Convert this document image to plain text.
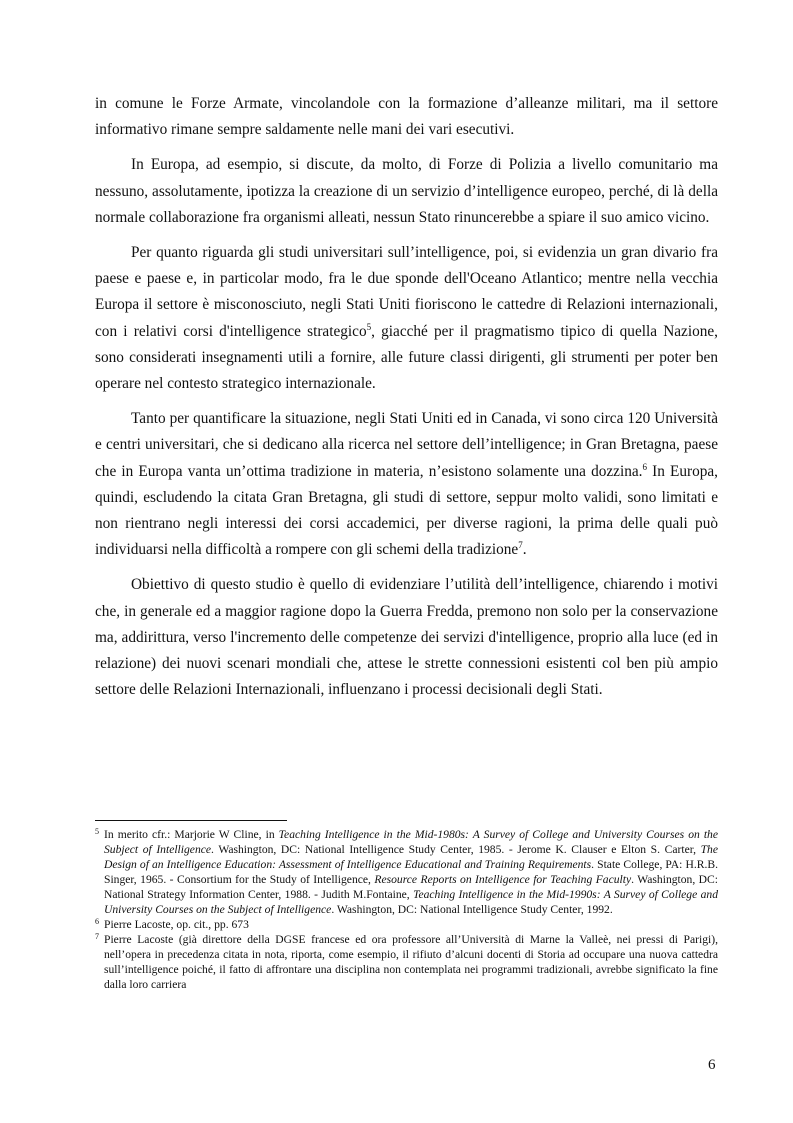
in comune le Forze Armate, vincolandole con la formazione d’alleanze militari, ma il settore informativo rimane sempre saldamente nelle mani dei vari esecutivi.

In Europa, ad esempio, si discute, da molto, di Forze di Polizia a livello comunitario ma nessuno, assolutamente, ipotizza la creazione di un servizio d’intelligence europeo, perché, di là della normale collaborazione fra organismi alleati, nessun Stato rinuncerebbe a spiare il suo amico vicino.

Per quanto riguarda gli studi universitari sull’intelligence, poi, si evidenzia un gran divario fra paese e paese e, in particolar modo, fra le due sponde dell'Oceano Atlantico; mentre nella vecchia Europa il settore è misconosciuto, negli Stati Uniti fioriscono le cattedre di Relazioni internazionali, con i relativi corsi d'intelligence strategico$^5$, giacché per il pragmatismo tipico di quella Nazione, sono considerati insegnamenti utili a fornire, alle future classi dirigenti, gli strumenti per poter ben operare nel contesto strategico internazionale.

Tanto per quantificare la situazione, negli Stati Uniti ed in Canada, vi sono circa 120 Università e centri universitari, che si dedicano alla ricerca nel settore dell’intelligence; in Gran Bretagna, paese che in Europa vanta un’ottima tradizione in materia, n’esistono solamente una dozzina.$^6$ In Europa, quindi, escludendo la citata Gran Bretagna, gli studi di settore, seppur molto validi, sono limitati e non rientrano negli interessi dei corsi accademici, per diverse ragioni, la prima delle quali può individuarsi nella difficoltà a rompere con gli schemi della tradizione$^7$.

Obiettivo di questo studio è quello di evidenziare l’utilità dell’intelligence, chiarendo i motivi che, in generale ed a maggior ragione dopo la Guerra Fredda, premono non solo per la conservazione ma, addirittura, verso l'incremento delle competenze dei servizi d'intelligence, proprio alla luce (ed in relazione) dei nuovi scenari mondiali che, attese le strette connessioni esistenti col ben più ampio settore delle Relazioni Internazionali, influenzano i processi decisionali degli Stati.

5 In merito cfr.: Marjorie W Cline, in Teaching Intelligence in the Mid-1980s: A Survey of College and University Courses on the Subject of Intelligence. Washington, DC: National Intelligence Study Center, 1985. - Jerome K. Clauser e Elton S. Carter, The Design of an Intelligence Education: Assessment of Intelligence Educational and Training Requirements. State College, PA: H.R.B. Singer, 1965. - Consortium for the Study of Intelligence, Resource Reports on Intelligence for Teaching Faculty. Washington, DC: National Strategy Information Center, 1988. - Judith M.Fontaine, Teaching Intelligence in the Mid-1990s: A Survey of College and University Courses on the Subject of Intelligence. Washington, DC: National Intelligence Study Center, 1992.

6 Pierre Lacoste, op. cit., pp. 673

7 Pierre Lacoste (già direttore della DGSE francese ed ora professore all’Università di Marne la Valleè, nei pressi di Parigi), nell’opera in precedenza citata in nota, riporta, come esempio, il rifiuto d’alcuni docenti di Storia ad occupare una nuova cattedra sull’intelligence poiché, il fatto di affrontare una disciplina non contemplata nei programmi tradizionali, avrebbe significato la fine dalla loro carriera

6
